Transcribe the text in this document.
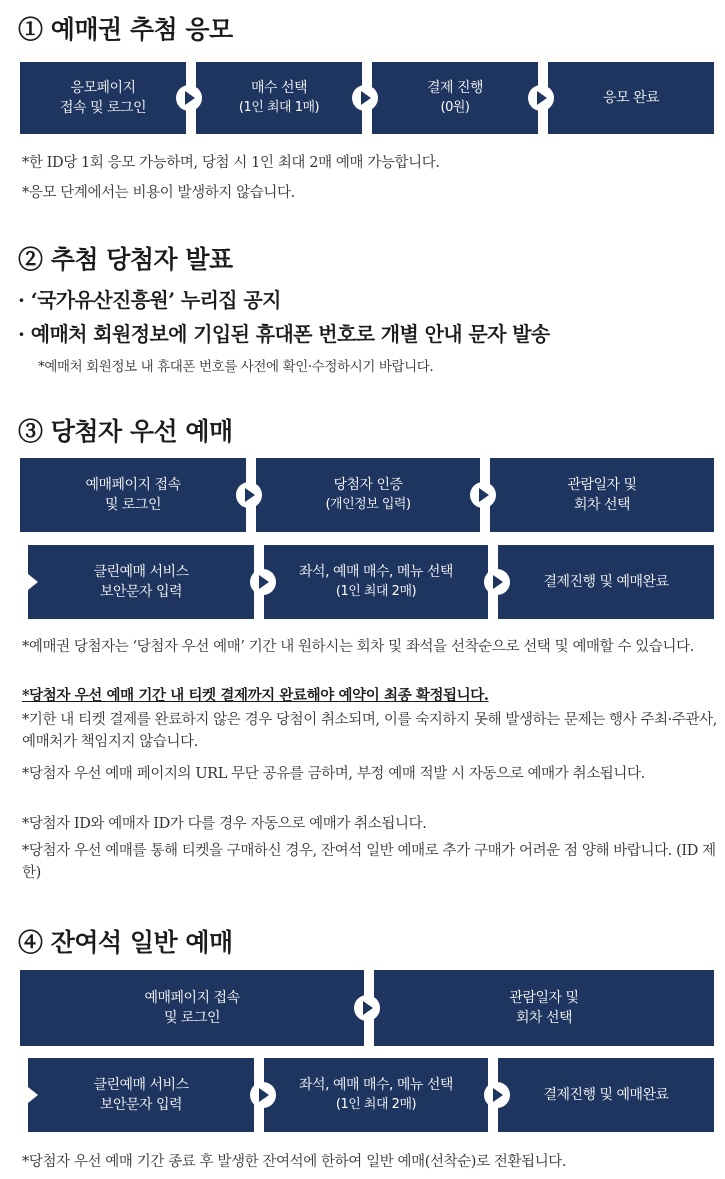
① 예매권 추첨 응모
응모페이지
접속 및 로그인
매수 선택
(1인 최대 1매)
결제 진행
(0원)
응모 완료
*한 ID당 1회 응모 가능하며, 당첨 시 1인 최대 2매 예매 가능합니다.
*응모 단계에서는 비용이 발생하지 않습니다.
② 추첨 당첨자 발표
· ‘국가유산진흥원’ 누리집 공지
· 예매처 회원정보에 기입된 휴대폰 번호로 개별 안내 문자 발송
*예매처 회원정보 내 휴대폰 번호를 사전에 확인·수정하시기 바랍니다.
③ 당첨자 우선 예매
예매페이지 접속
및 로그인
당첨자 인증
(개인정보 입력)
관람일자 및
회차 선택
클린예매 서비스
보안문자 입력
좌석, 예매 매수, 메뉴 선택
(1인 최대 2매)
결제진행 및 예매완료
*예매권 당첨자는 ‘당첨자 우선 예매’ 기간 내 원하시는 회차 및 좌석을 선착순으로 선택 및 예매할 수 있습니다.
*당첨자 우선 예매 기간 내 티켓 결제까지 완료해야 예약이 최종 확정됩니다.
*기한 내 티켓 결제를 완료하지 않은 경우 당첨이 취소되며, 이를 숙지하지 못해 발생하는 문제는 행사 주최·주관사, 예매처가 책임지지 않습니다.
*당첨자 우선 예매 페이지의 URL 무단 공유를 금하며, 부정 예매 적발 시 자동으로 예매가 취소됩니다.
*당첨자 ID와 예매자 ID가 다를 경우 자동으로 예매가 취소됩니다.
*당첨자 우선 예매를 통해 티켓을 구매하신 경우, 잔여석 일반 예매로 추가 구매가 어려운 점 양해 바랍니다. (ID 제한)
④ 잔여석 일반 예매
예매페이지 접속
및 로그인
관람일자 및
회차 선택
클린예매 서비스
보안문자 입력
좌석, 예매 매수, 메뉴 선택
(1인 최대 2매)
결제진행 및 예매완료
*당첨자 우선 예매 기간 종료 후 발생한 잔여석에 한하여 일반 예매(선착순)로 전환됩니다.
